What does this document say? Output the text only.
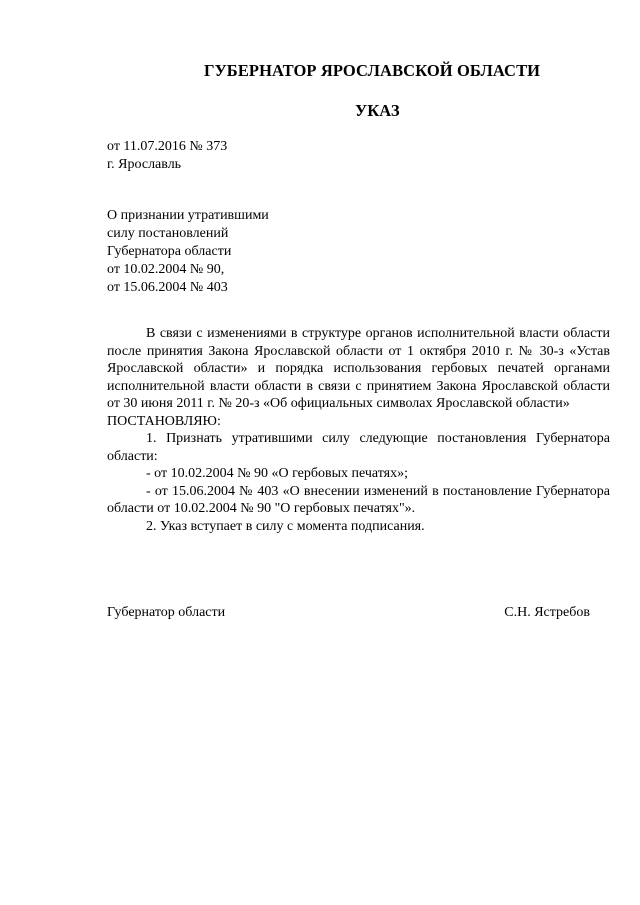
ГУБЕРНАТОР ЯРОСЛАВСКОЙ ОБЛАСТИ
УКАЗ
от 11.07.2016 № 373
г. Ярославль
О признании утратившими
силу постановлений
Губернатора области
от 10.02.2004 № 90,
от 15.06.2004 № 403

В связи с изменениями в структуре органов исполнительной власти области после принятия Закона Ярославской области от 1 октября 2010 г. № 30-з «Устав Ярославской области» и порядка использования гербовых печатей органами исполнительной власти области в связи с принятием Закона Ярославской области от 30 июня 2011 г. № 20-з «Об официальных символах Ярославской области»

ПОСТАНОВЛЯЮ:

1. Признать утратившими силу следующие постановления Губернатора области:

- от 10.02.2004 № 90 «О гербовых печатях»;

- от 15.06.2004 № 403 «О внесении изменений в постановление Губернатора области от 10.02.2004 № 90 "О гербовых печатях"».

2. Указ вступает в силу с момента подписания.

Губернатор области	С.Н. Ястребов
